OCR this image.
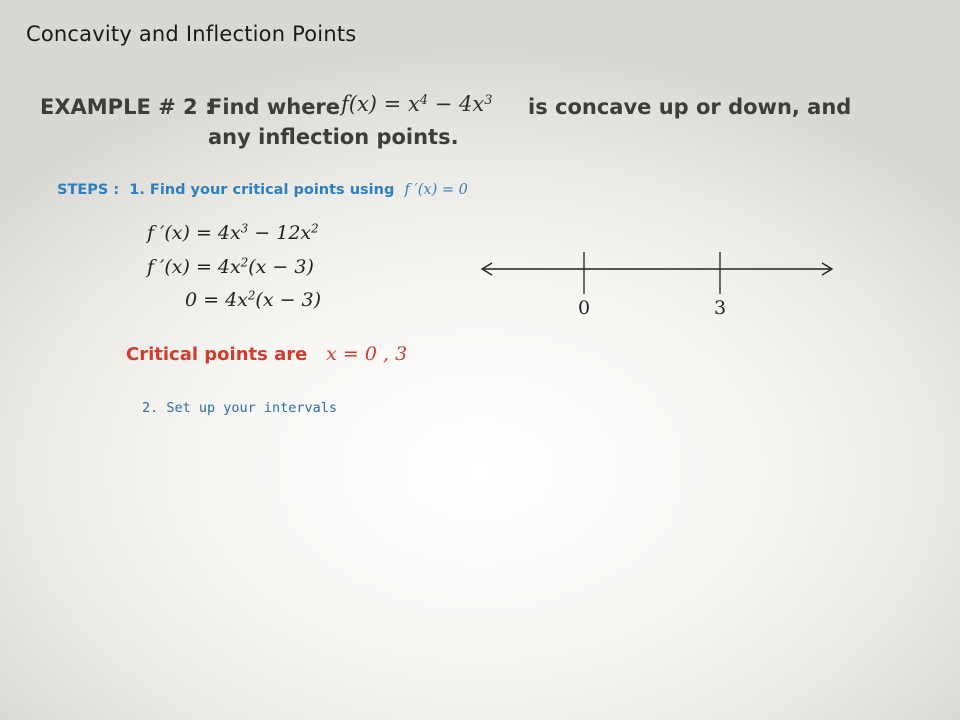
Concavity and Inflection Points
EXAMPLE # 2 :
Find where $f(x) = x^4 - 4x^3$ is concave up or down, and
any inflection points.
STEPS : 1. Find your critical points using f ′(x) = 0
f $'(x) = 4x^3 - 12x^2$
f $'(x) = 4x^2(x - 3)$
$0 = 4x^2(x - 3)$
Critical points are x = 0 , 3
2. Set up your intervals
0	3
